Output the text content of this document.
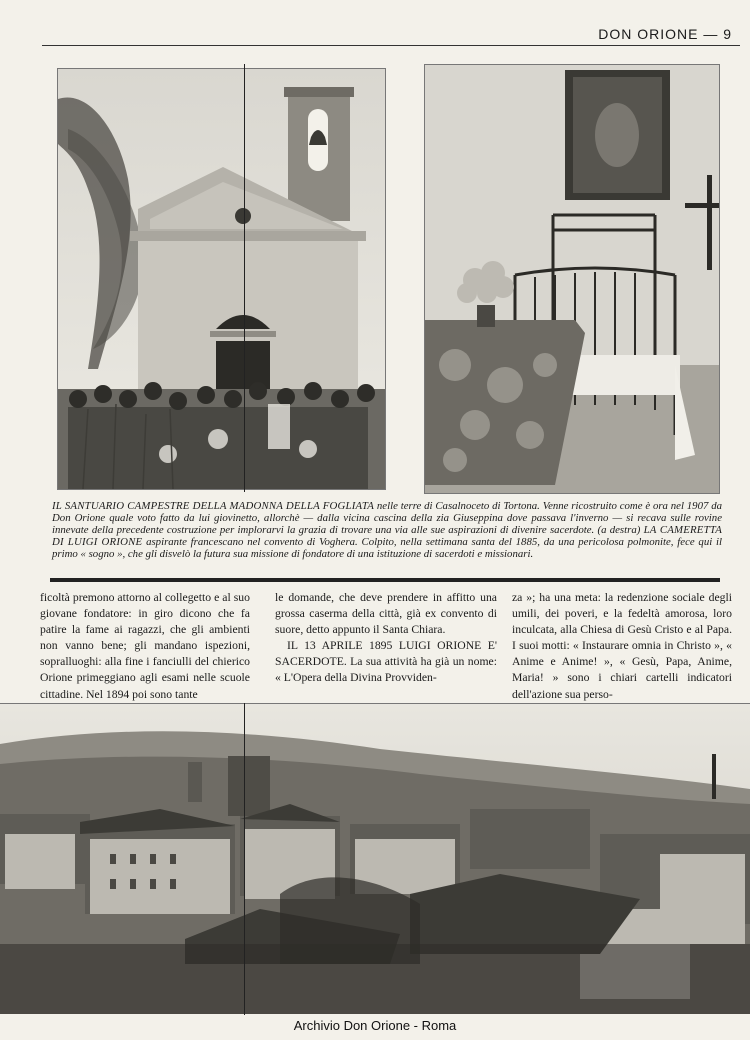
DON ORIONE — 9
IL SANTUARIO CAMPESTRE DELLA MADONNA DELLA FOGLIATA nelle terre di Casalnoceto di Tortona. Venne ricostruito come è ora nel 1907 da Don Orione quale voto fatto da lui giovinetto, allorchè — dalla vicina cascina della zia Giuseppina dove passava l'inverno — si recava sulle rovine innevate della precedente costruzione per implorarvi la grazia di trovare una via alle sue aspirazioni di divenire sacerdote. (a destra) LA CAMERETTA DI LUIGI ORIONE aspirante francescano nel convento di Voghera. Colpito, nella settimana santa del 1885, da una pericolosa polmonite, fece qui il primo « sogno », che gli disvelò la futura sua missione di fondatore di una istituzione di sacerdoti e missionari.

ficoltà premono attorno al collegetto e al suo giovane fondatore: in giro dicono che fa patire la fame ai ragazzi, che gli ambienti non vanno bene; gli mandano ispezioni, sopralluoghi: alla fine i fanciulli del chierico Orione primeggiano agli esami nelle scuole cittadine. Nel 1894 poi sono tante

le domande, che deve prendere in affitto una grossa caserma della città, già ex convento di suore, detto appunto il Santa Chiara.

IL 13 APRILE 1895 LUIGI ORIONE E' SACERDOTE. La sua attività ha già un nome: « L'Opera della Divina Provviden-

za »; ha una meta: la redenzione sociale degli umili, dei poveri, e la fedeltà amorosa, loro inculcata, alla Chiesa di Gesù Cristo e al Papa. I suoi motti: « Instaurare omnia in Christo », « Anime e Anime! », « Gesù, Papa, Anime, Maria! » sono i chiari cartelli indicatori dell'azione sua perso-

Archivio Don Orione - Roma
